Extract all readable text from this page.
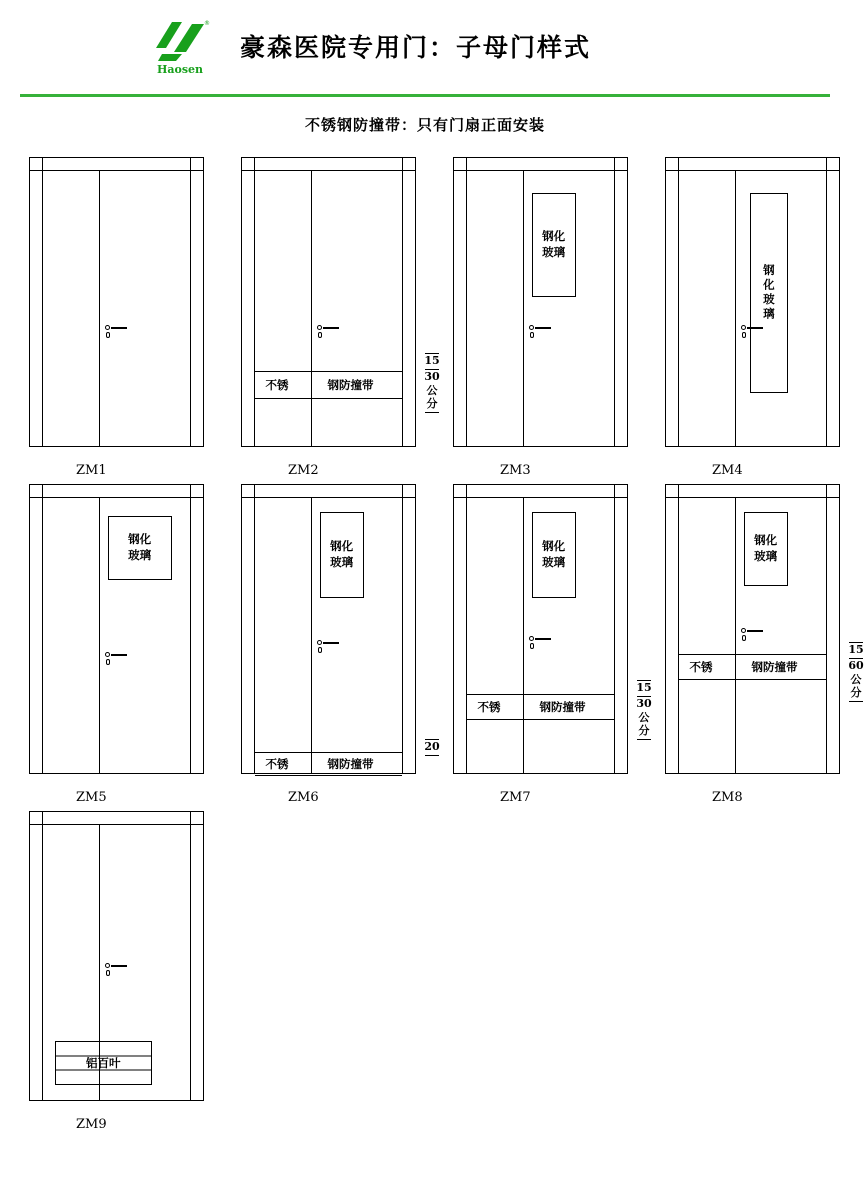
®
Haosen
豪森医院专用门：子母门样式
不锈钢防撞带：只有门扇正面安装
ZM1
不锈	钢防撞带
15
30
公分
ZM2
钢化
玻璃
ZM3
钢化玻璃
ZM4
钢化
玻璃
ZM5
钢化
玻璃
不锈	钢防撞带
20
ZM6
钢化
玻璃
不锈	钢防撞带
15
30
公分
ZM7
钢化
玻璃
不锈	钢防撞带
15
60
公分
ZM8
铝百叶
ZM9
